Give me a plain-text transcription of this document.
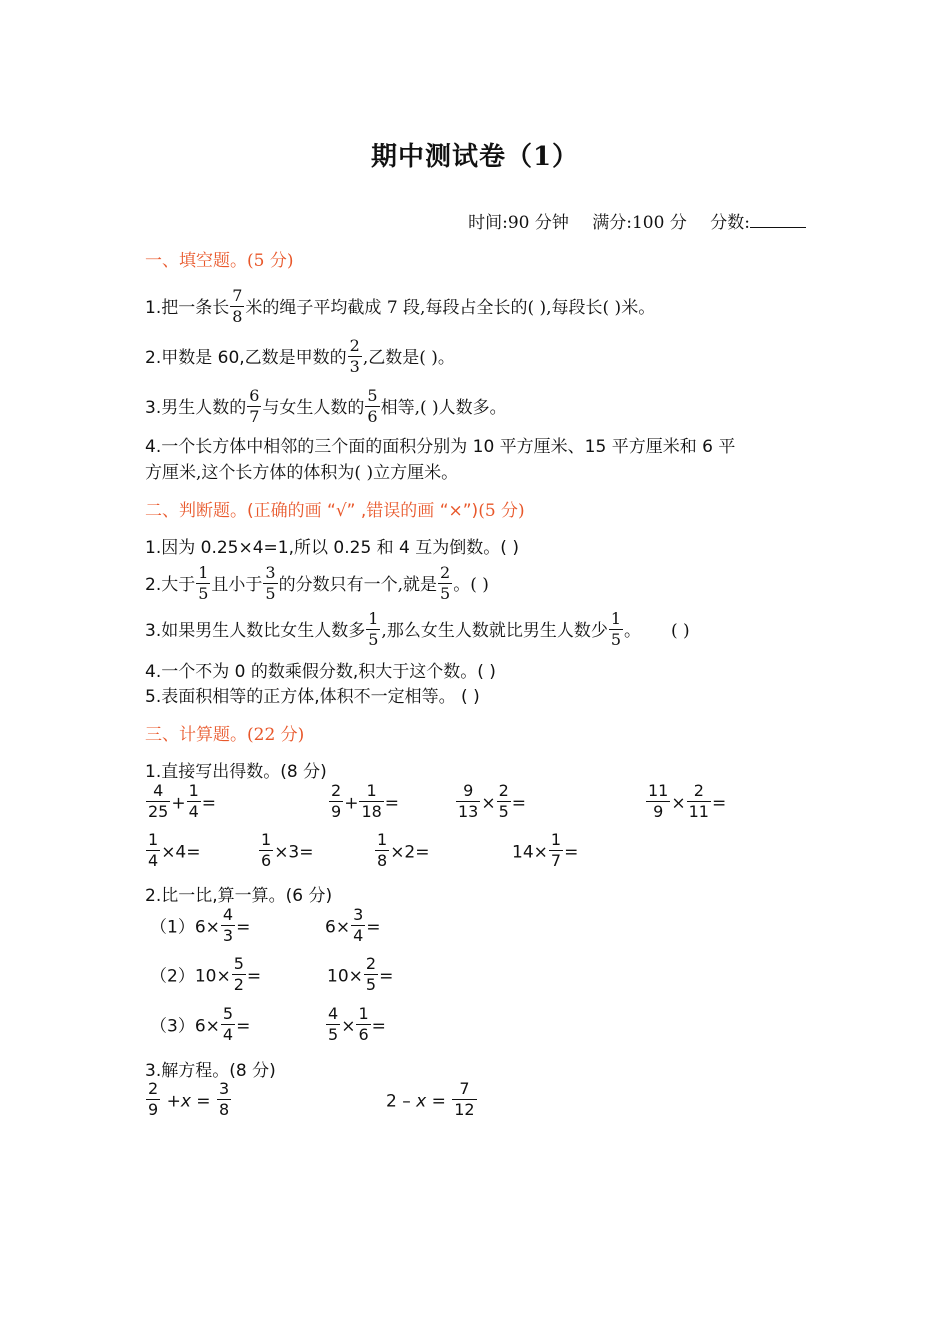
期中测试卷（1）
时间:90 分钟 满分:100 分 分数:
一、填空题。(5 分)
1.把一条长 $\frac{7}{8}$ 米的绳子平均截成 7 段,每段占全长的( ),每段长( )米。
2.甲数是 60,乙数是甲数的 $\frac{2}{3}$ ,乙数是( )。
3.男生人数的 $\frac{6}{7}$ 与女生人数的 $\frac{5}{6}$ 相等,( )人数多。
4.一个长方体中相邻的三个面的面积分别为 10 平方厘米、15 平方厘米和 6 平
方厘米,这个长方体的体积为( )立方厘米。
二、判断题。(正确的画 “√” ,错误的画 “×”)(5 分)
1.因为 0.25×4=1,所以 0.25 和 4 互为倒数。( )
2.大于 $\frac{1}{5}$ 且小于 $\frac{3}{5}$ 的分数只有一个,就是 $\frac{2}{5}$ 。( )
3.如果男生人数比女生人数多 $\frac{1}{5}$ ,那么女生人数就比男生人数少 $\frac{1}{5}$ 。 ( )
4.一个不为 0 的数乘假分数,积大于这个数。( )
5.表面积相等的正方体,体积不一定相等。 ( )
三、计算题。(22 分)
1.直接写出得数。(8 分)
$\frac{4}{25} + \frac{1}{4}$ =	$\frac{2}{9} + \frac{1}{18}$ =	$\frac{9}{13} \times \frac{2}{5}$ =	$\frac{11}{9} \times \frac{2}{11}$ =
$\frac{1}{4} \times 4=$	$\frac{1}{6} \times 3=$	$\frac{1}{8} \times 2=$	$14\times \frac{1}{7}$ =
2.比一比,算一算。(6 分)
$(1)6\times \frac{4}{3}$ =	$6\times \frac{3}{4}$ =
$(2)10\times \frac{5}{2}$ =	$10\times \frac{2}{5}$ =
$(3)6\times \frac{5}{4}$ =	$\frac{4}{5} \times \frac{1}{6}$ =
3.解方程。(8 分)
$\frac{2}{9} +x = \frac{3}{8}$	$2 - x = \frac{7}{12}$
